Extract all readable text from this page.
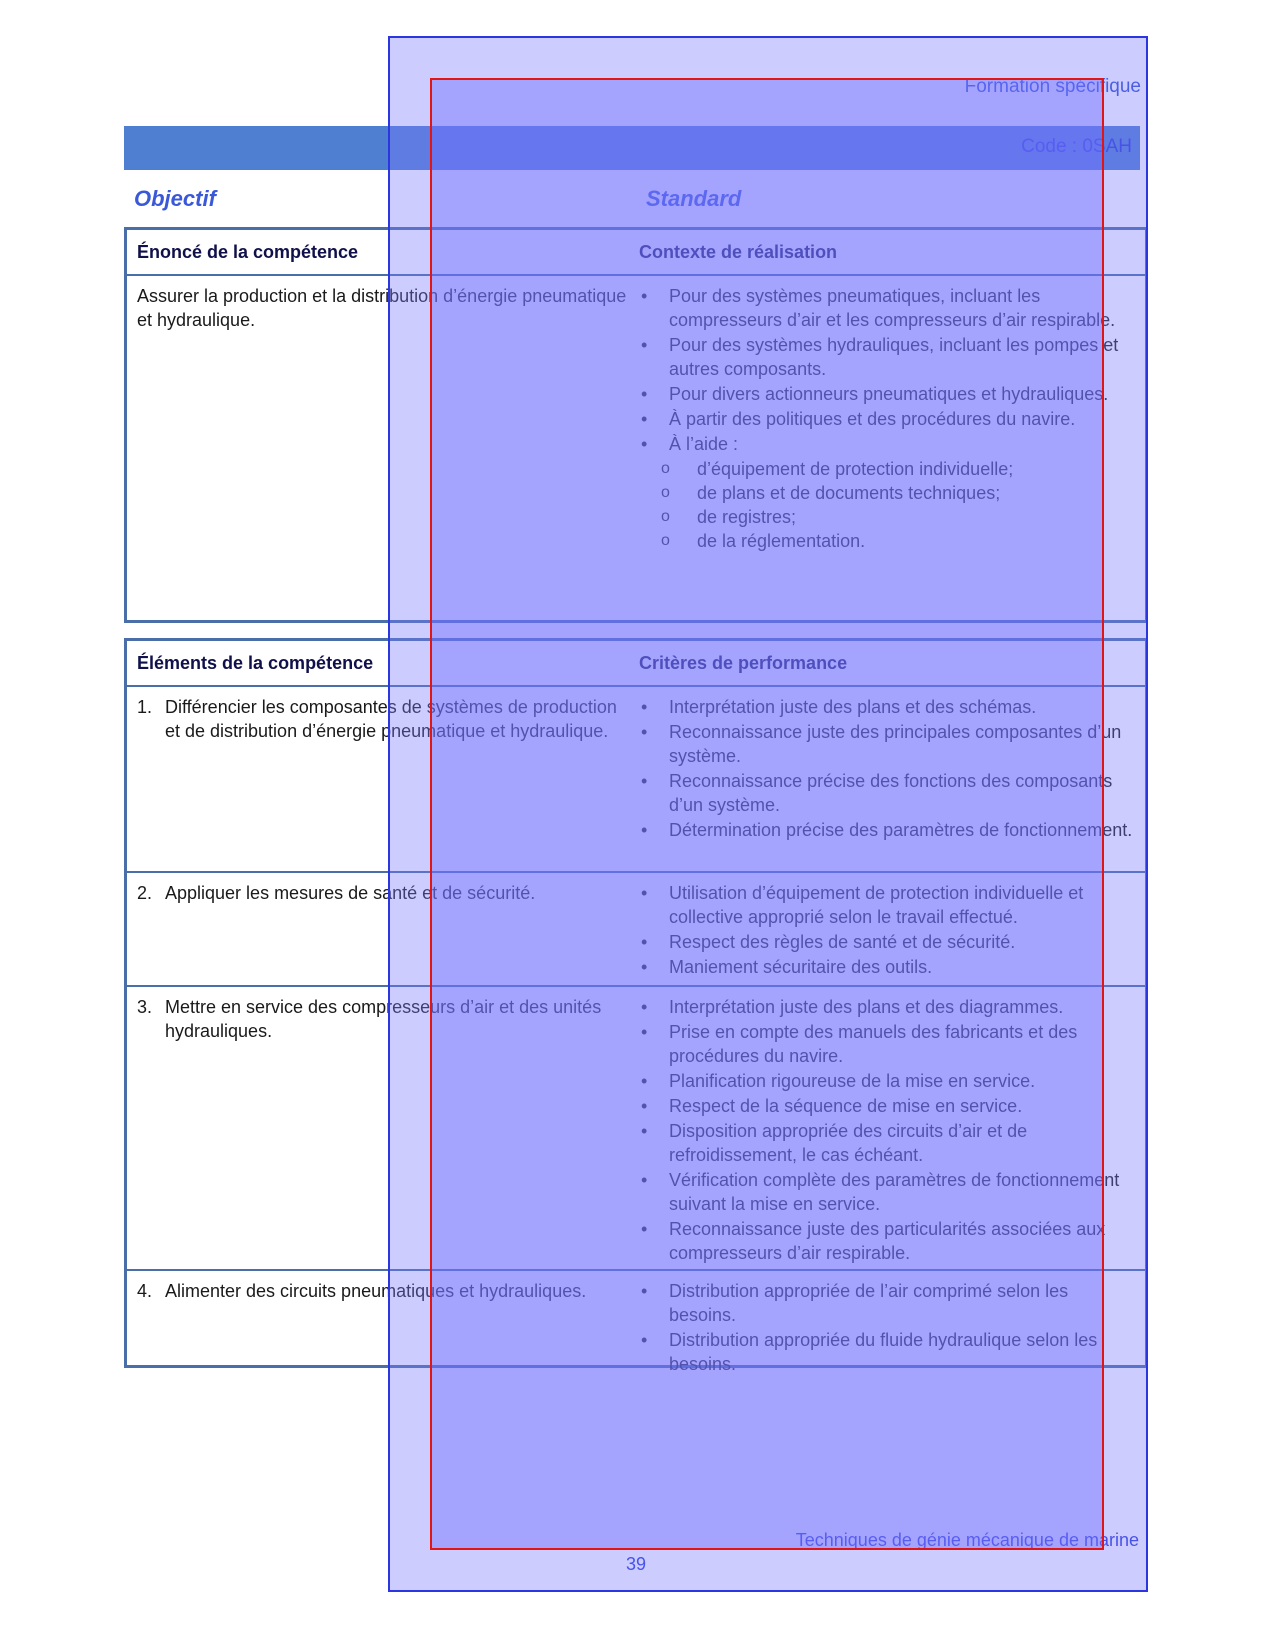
Formation spécifique
Code : 0SAH
Objectif	Standard
Énoncé de la compétence	Contexte de réalisation
Assurer la production et la distribution d’énergie pneumatique et hydraulique.
• Pour des systèmes pneumatiques, incluant les compresseurs d’air et les compresseurs d’air respirable.
• Pour des systèmes hydrauliques, incluant les pompes et autres composants.
• Pour divers actionneurs pneumatiques et hydrauliques.
• À partir des politiques et des procédures du navire.
• À l’aide :
o d’équipement de protection individuelle;
o de plans et de documents techniques;
o de registres;
o de la réglementation.
Éléments de la compétence	Critères de performance
1. Différencier les composantes de systèmes de production et de distribution d’énergie pneumatique et hydraulique.
• Interprétation juste des plans et des schémas.
• Reconnaissance juste des principales composantes d’un système.
• Reconnaissance précise des fonctions des composants d’un système.
• Détermination précise des paramètres de fonctionnement.
2. Appliquer les mesures de santé et de sécurité.	• Utilisation d’équipement de protection individuelle et collective approprié selon le travail effectué.
• Respect des règles de santé et de sécurité.
• Maniement sécuritaire des outils.
3. Mettre en service des compresseurs d’air et des unités hydrauliques.
• Interprétation juste des plans et des diagrammes.
• Prise en compte des manuels des fabricants et des procédures du navire.
• Planification rigoureuse de la mise en service.
• Respect de la séquence de mise en service.
• Disposition appropriée des circuits d’air et de refroidissement, le cas échéant.
• Vérification complète des paramètres de fonctionnement suivant la mise en service.
• Reconnaissance juste des particularités associées aux compresseurs d’air respirable.
4. Alimenter des circuits pneumatiques et hydrauliques.	• Distribution appropriée de l’air comprimé selon les besoins.
• Distribution appropriée du fluide hydraulique selon les besoins.
Techniques de génie mécanique de marine
39
